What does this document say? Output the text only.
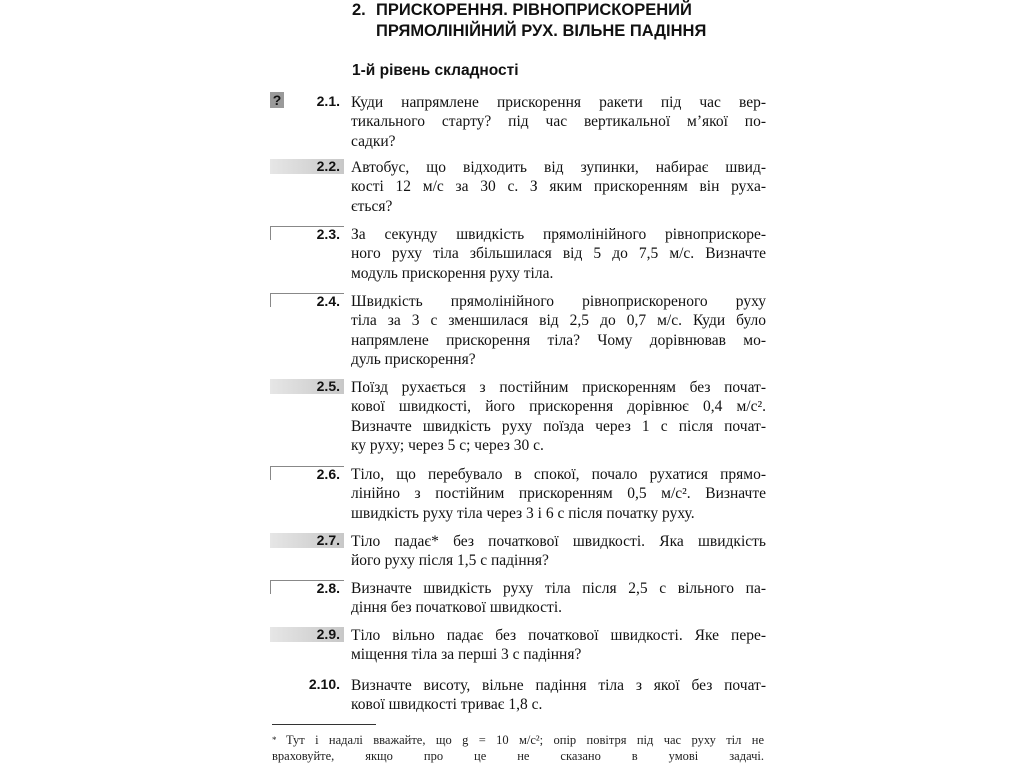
2. ПРИСКОРЕННЯ. РІВНОПРИСКОРЕНИЙ
ПРЯМОЛІНІЙНИЙ РУХ. ВІЛЬНЕ ПАДІННЯ
1-й рівень складності
?	2.1. Куди напрямлене прискорення ракети під час вер-
тикального старту? під час вертикальної м’якої по-
садки?
2.2. Автобус, що відходить від зупинки, набирає швид-
кості 12 м/с за 30 с. З яким прискоренням він руха-
ється?
2.3. За секунду швидкість прямолінійного рівноприскоре-
ного руху тіла збільшилася від 5 до 7,5 м/с. Визначте
модуль прискорення руху тіла.
2.4. Швидкість прямолінійного рівноприскореного руху
тіла за 3 с зменшилася від 2,5 до 0,7 м/с. Куди було
напрямлене прискорення тіла? Чому дорівнював мо-
дуль прискорення?
2.5. Поїзд рухається з постійним прискоренням без почат-
кової швидкості, його прискорення дорівнює 0,4 м/с².
Визначте швидкість руху поїзда через 1 с після почат-
ку руху; через 5 с; через 30 с.
2.6. Тіло, що перебувало в спокої, почало рухатися прямо-
лінійно з постійним прискоренням 0,5 м/с². Визначте
швидкість руху тіла через 3 і 6 с після початку руху.
2.7. Тіло падає* без початкової швидкості. Яка швидкість
його руху після 1,5 с падіння?
2.8. Визначте швидкість руху тіла після 2,5 с вільного па-
діння без початкової швидкості.
2.9. Тіло вільно падає без початкової швидкості. Яке пере-
міщення тіла за перші 3 с падіння?
2.10. Визначте висоту, вільне падіння тіла з якої без почат-
кової швидкості триває 1,8 с.
* Тут і надалі вважайте, що g = 10 м/с²; опір повітря під час руху тіл не
враховуйте, якщо про це не сказано в умові задачі.
